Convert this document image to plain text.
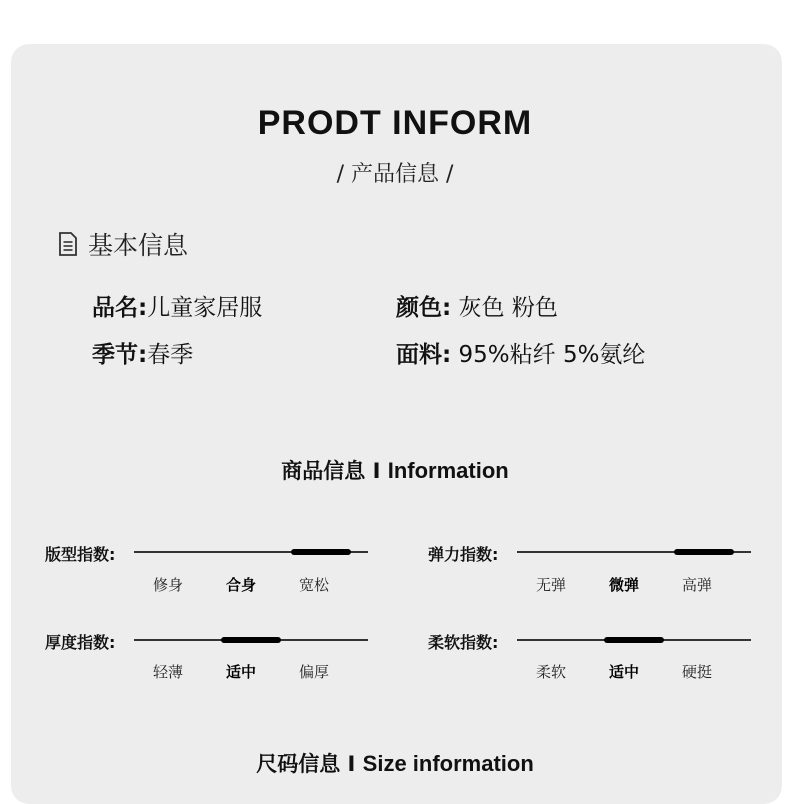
PRODT INFORM
/ 产品信息 /
基本信息
品名:儿童家居服	颜色: 灰色 粉色
季节:春季	面料: 95%粘纤 5%氨纶
商品信息 I Information
版型指数:
修身	合身	宽松
弹力指数:
无弹	微弹	高弹
厚度指数:
轻薄	适中	偏厚
柔软指数:
柔软	适中	硬挺
尺码信息 I Size information
